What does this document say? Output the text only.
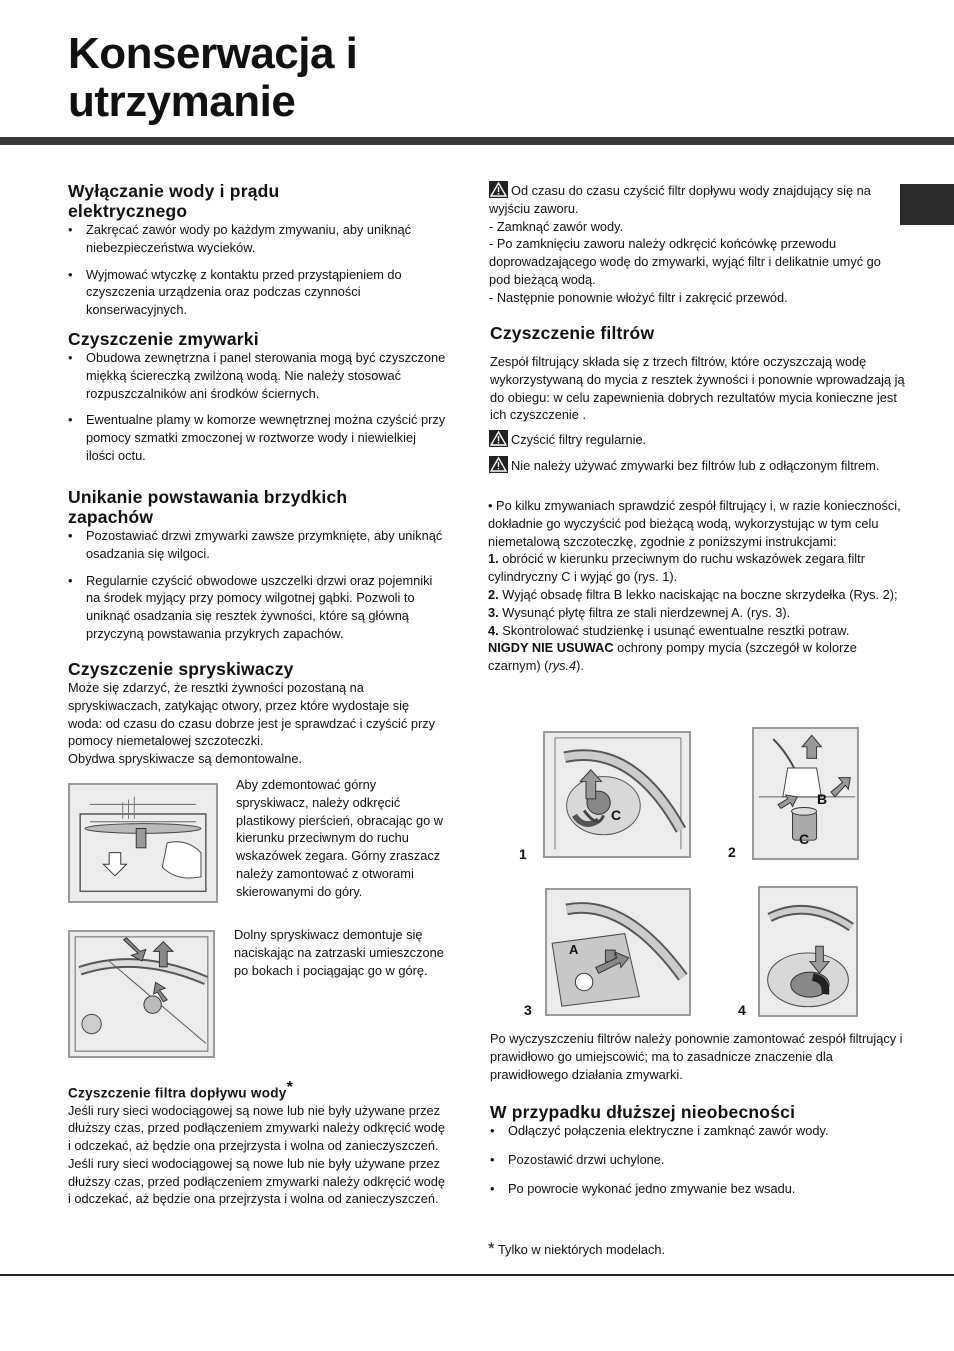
Konserwacja i
utrzymanie
Wyłączanie wody i prądu
elektrycznego
• Zakręcać zawór wody po każdym zmywaniu, aby uniknąć niebezpieczeństwa wycieków.
• Wyjmować wtyczkę z kontaktu przed przystąpieniem do czyszczenia urządzenia oraz podczas czynności konserwacyjnych.
Czyszczenie zmywarki
• Obudowa zewnętrzna i panel sterowania mogą być czyszczone miękką ściereczką zwilżoną wodą. Nie należy stosować rozpuszczalników ani środków ściernych.
• Ewentualne plamy w komorze wewnętrznej można czyścić przy pomocy szmatki zmoczonej w roztworze wody i niewielkiej ilości octu.
Unikanie powstawania brzydkich
zapachów
• Pozostawiać drzwi zmywarki zawsze przymknięte, aby uniknąć osadzania się wilgoci.
• Regularnie czyścić obwodowe uszczelki drzwi oraz pojemniki na środek myjący przy pomocy wilgotnej gąbki. Pozwoli to uniknąć osadzania się resztek żywności, które są główną przyczyną powstawania przykrych zapachów.
Czyszczenie spryskiwaczy

Może się zdarzyć, że resztki żywności pozostaną na spryskiwaczach, zatykając otwory, przez które wydostaje się woda: od czasu do czasu dobrze jest je sprawdzać i czyścić przy pomocy niemetalowej szczoteczki.

Obydwa spryskiwacze są demontowalne.

Aby zdemontować górny spryskiwacz, należy odkręcić plastikowy pierścień, obracając go w kierunku przeciwnym do ruchu wskazówek zegara. Górny zraszacz należy zamontować z otworami skierowanymi do góry.

Dolny spryskiwacz demontuje się naciskając na zatrzaski umieszczone po bokach i pociągając go w górę.

Czyszczenie filtra dopływu wody*

Jeśli rury sieci wodociągowej są nowe lub nie były używane przez dłuższy czas, przed podłączeniem zmywarki należy odkręcić wodę i odczekać, aż będzie ona przejrzysta i wolna od zanieczyszczeń. Jeśli rury sieci wodociągowej są nowe lub nie były używane przez dłuższy czas, przed podłączeniem zmywarki należy odkręcić wodę i odczekać, aż będzie ona przejrzysta i wolna od zanieczyszczeń.

Od czasu do czasu czyścić filtr dopływu wody znajdujący się na wyjściu zaworu.

- Zamknąć zawór wody.

- Po zamknięciu zaworu należy odkręcić końcówkę przewodu doprowadzającego wodę do zmywarki, wyjąć filtr i delikatnie umyć go pod bieżącą wodą.

- Następnie ponownie włożyć filtr i zakręcić przewód.

Czyszczenie filtrów

Zespół filtrujący składa się z trzech filtrów, które oczyszczają wodę wykorzystywaną do mycia z resztek żywności i ponownie wprowadzają ją do obiegu: w celu zapewnienia dobrych rezultatów mycia konieczne jest ich czyszczenie .

Czyścić filtry regularnie.

Nie należy używać zmywarki bez filtrów lub z odłączonym filtrem.

• Po kilku zmywaniach sprawdzić zespół filtrujący i, w razie konieczności, dokładnie go wyczyścić pod bieżącą wodą, wykorzystując w tym celu niemetalową szczoteczkę, zgodnie z poniższymi instrukcjami:

1. obrócić w kierunku przeciwnym do ruchu wskazówek zegara filtr cylindryczny C i wyjąć go (rys. 1).

2. Wyjąć obsadę filtra B lekko naciskając na boczne skrzydełka (Rys. 2);

3. Wysunąć płytę filtra ze stali nierdzewnej A. (rys. 3).

4. Skontrolować studzienkę i usunąć ewentualne resztki potraw.

NIGDY NIE USUWAC ochrony pompy mycia (szczegół w kolorze czarnym) (rys.4).

C
B
C
A
1	2
3	4

Po wyczyszczeniu filtrów należy ponownie zamontować zespół filtrujący i prawidłowo go umiejscowić; ma to zasadnicze znaczenie dla prawidłowego działania zmywarki.

W przypadku dłuższej nieobecności
• Odłączyć połączenia elektryczne i zamknąć zawór wody.
• Pozostawić drzwi uchylone.
• Po powrocie wykonać jedno zmywanie bez wsadu.

* Tylko w niektórych modelach.
